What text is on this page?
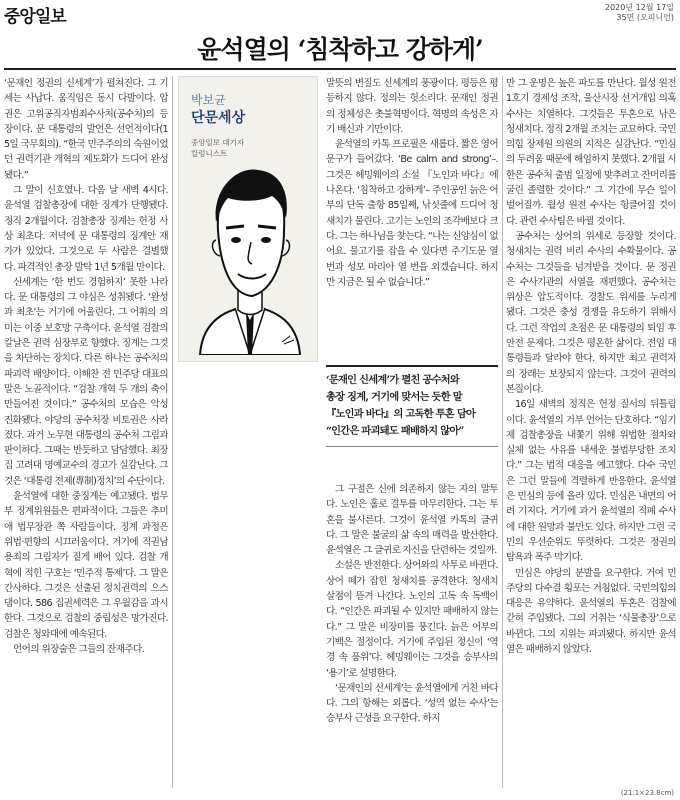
중앙일보	2020년 12월 17일
35면 (오피니언)
윤석열의 ‘침착하고 강하게’

‘문재인 정권의 신세계’가 펼쳐진다. 그 기세는 사납다. 움직임은 동시 다발이다. 압권은 고위공직자범죄수사처(공수처)의 등장이다. 문 대통령의 발언은 선언적이다(15일 국무회의). “한국 민주주의의 숙원이었던 권력기관 개혁의 제도화가 드디어 완성됐다.”

그 말이 신호였나. 다음 날 새벽 4시다. 윤석열 검찰총장에 대한 징계가 단행됐다. 정직 2개월이다. 검찰총장 징계는 헌정 사상 최초다. 저녁에 문 대통령의 징계안 재가가 있었다. 그것으로 두 사람은 결별했다. 파격적인 총장 발탁 1년 5개월 만이다.

신세계는 ‘한 번도 경험하지’ 못한 나라다. 문 대통령의 그 야심은 성취됐다. ‘완성과 최초’는 거기에 어울린다. 그 어휘의 의미는 이중 보호망 구축이다. 윤석열 검찰의 칼날은 권력 심장부로 향했다. 징계는 그것을 차단하는 장치다. 다른 하나는 공수처의 파괴력 배양이다. 이해찬 전 민주당 대표의 말은 노골적이다. “검찰 개혁 두 개의 축이 만들어진 것이다.” 공수처의 모습은 악성 진화됐다. 야당의 공수처장 비토권은 사라졌다. 과거 노무현 대통령의 공수처 그림과 판이하다. 그때는 반듯하고 담담했다. 최장집 고려대 명예교수의 경고가 실감난다. 그것은 ‘대통령 전제(專制)정치’의 수단이다.

윤석열에 대한 중징계는 예고됐다. 법무부 징계위원들은 편파적이다. 그들은 추미애 법무장관 쪽 사람들이다. 징계 과정은 위법·편향의 시끄러움이다. 거기에 직권남용죄의 그림자가 짙게 배어 있다. 검찰 개혁에 적힌 구호는 ‘민주적 통제’다. 그 말은 간사하다. 그것은 선출된 정치권력의 으스댐이다. 586 집권세력은 그 우월감을 과시한다. 그것으로 검찰의 중립성은 망가진다. 검찰은 청와대에 예속된다.

언어의 위장술은 그들의 잔재주다.

박보균
단문세상
중앙일보 대기자
칼럼니스트

말뜻의 변질도 신세계의 풍광이다. 평등은 평등하지 않다. 정의는 헛소리다. 문재인 정권의 정체성은 촛불혁명이다. 혁명의 속성은 자기 배신과 기만이다.

윤석열의 카톡 프로필은 새롭다. 짧은 영어 문구가 들어갔다. ‘Be calm and strong’–. 그것은 헤밍웨이의 소설 『노인과 바다』에 나온다. ‘침착하고 강하게’– 주인공인 늙은 어부의 단독 출항 85일째, 낚싯줄에 드디어 청새치가 물린다. 고기는 노인의 조각배보다 크다. 그는 하나님을 찾는다. “나는 신앙심이 없어요. 물고기를 잡을 수 있다면 주기도문 열 번과 성모 마리아 열 번을 외겠습니다. 하지만 지금은 될 수 없습니다.”

‘문재인 신세계’가 펼친 공수처와

총장 징계, 거기에 맞서는 듯한 말

『노인과 바다』의 고독한 투혼 담아

“인간은 파괴돼도 패배하지 않아”

그 구절은 신에 의존하지 않는 자의 말투다. 노인은 홀로 결투를 마무리한다. 그는 투혼을 불사른다. 그것이 윤석열 카톡의 글귀다. 그 말은 불굴의 삶 속의 매력을 발산한다. 윤석열은 그 글귀로 자신을 단련하는 것일까.

소설은 반전한다. 상어와의 사투로 바뀐다. 상어 떼가 잡힌 청새치를 공격한다. 청새치 살점이 뜯겨 나간다. 노인의 고독 속 독백이다. “인간은 파괴될 수 있지만 패배하지 않는다.” 그 말은 비장미를 풍긴다. 늙은 어부의 기백은 절정이다. 거기에 주입된 정신이 ‘역경 속 품위’다. 헤밍웨이는 그것을 승부사의 ‘용기’로 설명한다.

‘문재인의 신세계’는 윤석열에게 거친 바다다. 그의 항해는 외롭다. ‘성역 없는 수사’는 승부사 근성을 요구한다. 하지

만 그 운명은 높은 파도를 만난다. 월성 원전 1호기 경제성 조작, 울산시장 선거개입 의혹 수사는 치열하다. 그것들은 투혼으로 낚은 청새치다. 정직 2개월 조치는 교묘하다. 국민의힘 장제원 의원의 지적은 실감난다. “민심의 두려움 때문에 해임하지 못했다. 2개월 시한은 공수처 출범 일정에 맞추려고 잔머리를 굴린 졸렬한 것이다.” 그 기간에 무슨 일이 벌어질까. 월성 원전 수사는 헝클어질 것이다. 관련 수사팀은 바뀔 것이다.

공수처는 상어의 위세로 등장할 것이다. 청새치는 권력 비리 수사의 수확물이다. 공수처는 그것들을 넘겨받을 것이다. 문 정권은 수사기관의 서열을 재편했다. 공수처는 위상은 압도적이다. 경찰도 위세를 누리게 됐다. 그것은 충성 경쟁을 유도하기 위해서다. 그런 작업의 초점은 문 대통령의 퇴임 후 안전 문제다. 그것은 평온한 삶이다. 전임 대통령들과 달라야 한다. 하지만 최고 권력자의 장래는 보장되지 않는다. 그것이 권력의 본질이다.

16일 새벽의 정직은 헌정 질서의 뒤틀림이다. 윤석열의 거부 언어는 단호하다. “임기제 검찰총장을 내쫓기 위해 위법한 절차와 실체 없는 사유를 내세운 불법부당한 조치다.” 그는 법적 대응을 예고했다. 다수 국민은 그런 말들에 격렬하게 반응한다. 윤석열은 민심의 등에 올라 있다. 민심은 내면의 어려 기지다. 거기에 과거 윤석열의 적폐 수사에 대한 원망과 불만도 있다. 하지만 그런 국민의 우선순위도 뚜렷하다. 그것은 정권의 탐욕과 폭주 막기다.

민심은 야당의 분발을 요구한다. 거여 민주당의 다수결 횡포는 거침없다. 국민의힘의 대응은 유약하다. 윤석열의 투혼은 검찰에 갇혀 주입됐다. 그의 거취는 ‘식물총장’으로 바뀐다. 그의 지위는 파괴됐다. 하지만 윤석열은 패배하지 않았다.

(21.1×23.8cm)
